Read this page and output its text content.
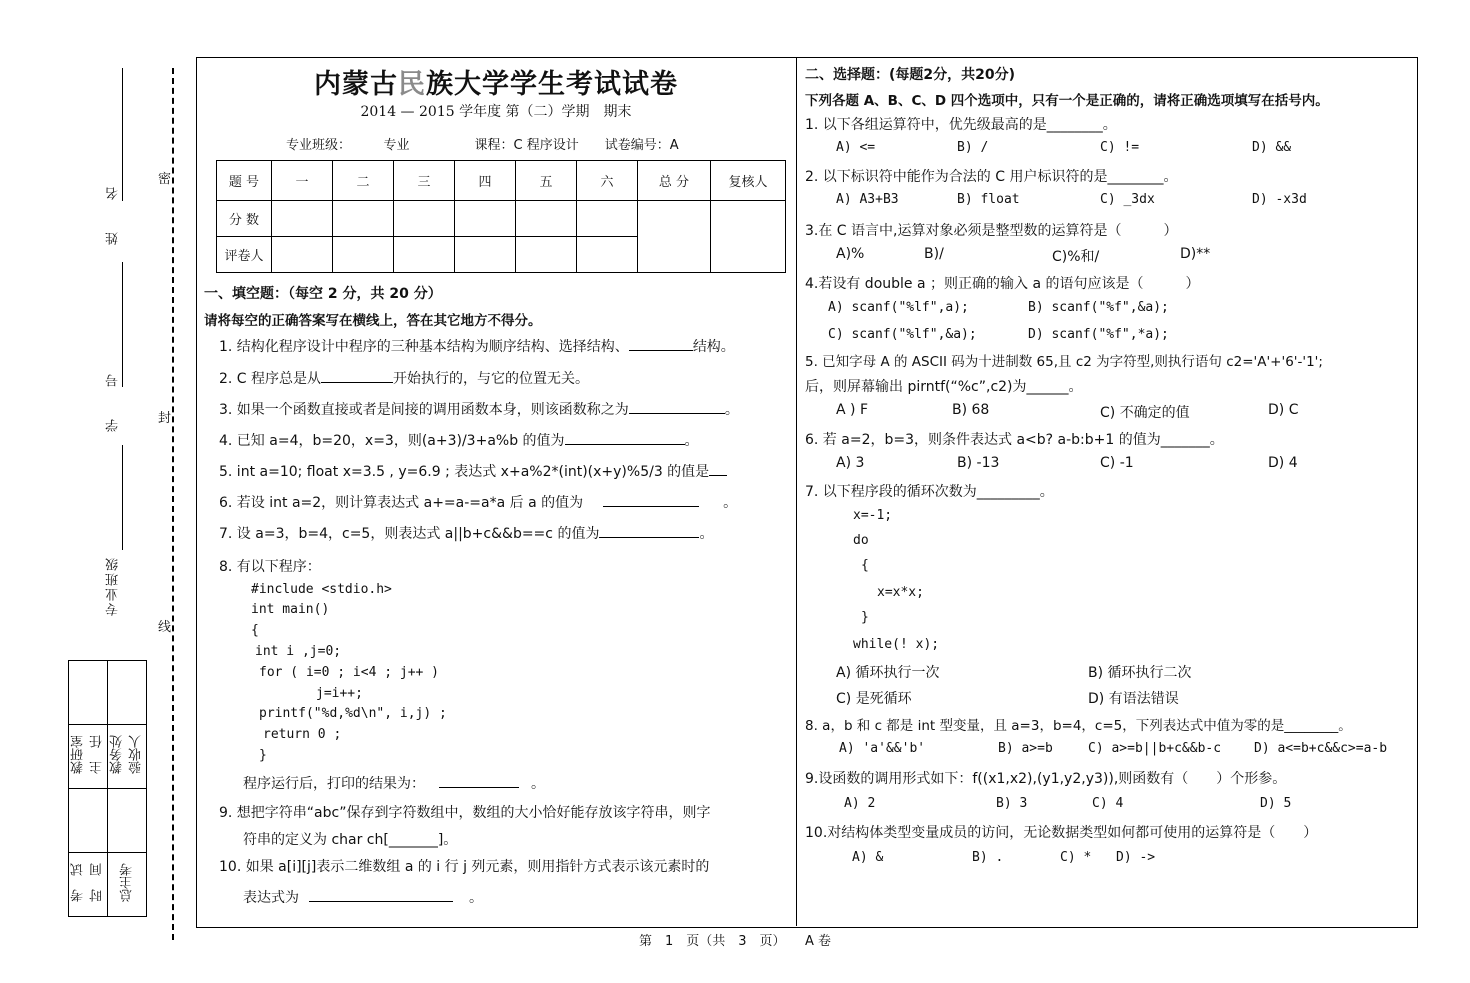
姓　　名
学　　号
专业班级
密
封
线

教研室
主　任	教务处
验收人

考　试
时　间	总主考
内蒙古民族大学学生考试试卷
2014 — 2015 学年度 第（二）学期　期末
专业班级：　　　专业　　　　　课程：C 程序设计　　试卷编号：A
题 号	一	二	三	四	五	六	总 分	复核人
分 数								
评卷人								
一、填空题：（每空 2 分，共 20 分）
请将每空的正确答案写在横线上，答在其它地方不得分。
1. 结构化程序设计中程序的三种基本结构为顺序结构、选择结构、	结构。
2. C 程序总是从	开始执行的，与它的位置无关。
3. 如果一个函数直接或者是间接的调用函数本身，则该函数称之为	。
4. 已知 a=4，b=20，x=3，则(a+3)/3+a%b 的值为	。
5. int a=10; float x=3.5 , y=6.9 ; 表达式 x+a%2*(int)(x+y)%5/3 的值是
6. 若设 int a=2，则计算表达式 a+=a-=a*a 后 a 的值为	。
7. 设 a=3，b=4，c=5，则表达式 a||b+c&&b==c 的值为	。
8. 有以下程序：
#include <stdio.h>
int main()
{
int i ,j=0;
for ( i=0 ; i<4 ; j++ )
j=i++;
printf("%d,%d\n", i,j) ;
return 0 ;
}
程序运行后，打印的结果为：	。
9. 想把字符串“abc”保存到字符数组中，数组的大小恰好能存放该字符串，则字
符串的定义为 char ch[_______]。
10. 如果 a[i][j]表示二维数组 a 的 i 行 j 列元素，则用指针方式表示该元素时的
表达式为	。
二、选择题：(每题2分，共20分)
下列各题 A、B、C、D 四个选项中，只有一个是正确的，请将正确选项填写在括号内。
1. 以下各组运算符中，优先级最高的是________。
A) <=	B) /	C) !=	D) &&
2. 以下标识符中能作为合法的 C 用户标识符的是________。
A) A3+B3	B) float	C) _3dx	D) -x3d
3.在 C 语言中,运算对象必须是整型数的运算符是（　　　）
A)%	B)/	C)%和/	D)**
4.若设有 double a ；则正确的输入 a 的语句应该是（　　　）
A) scanf("%lf",a);	B) scanf("%f",&a);
C) scanf("%lf",&a);	D) scanf("%f",*a);
5. 已知字母 A 的 ASCII 码为十进制数 65,且 c2 为字符型,则执行语句 c2='A'+'6'-'1';
后，则屏幕输出 pirntf(“%c”,c2)为______。
A ) F	B) 68	C) 不确定的值	D) C
6. 若 a=2，b=3，则条件表达式 a<b? a-b:b+1 的值为_______。
A) 3	B) -13	C) -1	D) 4
7. 以下程序段的循环次数为_________。
x=-1;
do
{
x=x*x;
}
while(! x);
A) 循环执行一次	B) 循环执行二次
C) 是死循环	D) 有语法错误
8. a，b 和 c 都是 int 型变量，且 a=3，b=4，c=5，下列表达式中值为零的是________。
A) 'a'&&'b'	B) a>=b	C) a>=b||b+c&&b-c	D) a<=b+c&&c>=a-b
9.设函数的调用形式如下：f((x1,x2),(y1,y2,y3)),则函数有（　　）个形参。
A) 2	B) 3	C) 4	D) 5
10.对结构体类型变量成员的访问，无论数据类型如何都可使用的运算符是（　　）
A) &	B) .	C) * D) ->
第　1　页（共　3　页）　　A 卷
